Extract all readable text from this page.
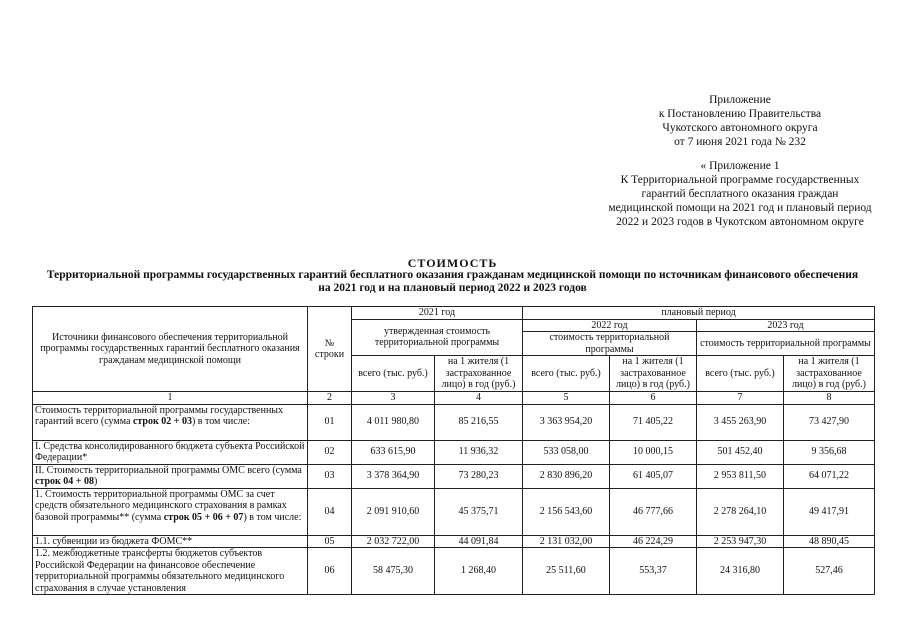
Приложение
к Постановлению Правительства
Чукотского автономного округа
от 7 июня 2021 года № 232
« Приложение 1
К Территориальной программе государственных
гарантий бесплатного оказания граждан
медицинской помощи на 2021 год и плановый период
2022 и 2023 годов в Чукотском автономном округе
СТОИМОСТЬ
Территориальной программы государственных гарантий бесплатного оказания гражданам медицинской помощи по источникам финансового обеспечения
на 2021 год и на плановый период 2022 и 2023 годов
Источники финансового обеспечения территориальной программы государственных гарантий бесплатного оказания гражданам медицинской помощи	№ строки	2021 год		плановый период			
		утвержденная стоимость территориальной программы		2022 год		2023 год	
				стоимость территориальной программы		стоимость территориальной программы	
		всего (тыс. руб.)	на 1 жителя (1 застрахованное лицо) в год (руб.)	всего (тыс. руб.)	на 1 жителя (1 застрахованное лицо) в год (руб.)	всего (тыс. руб.)	на 1 жителя (1 застрахованное лицо) в год (руб.)
1	2	3	4	5	6	7	8
Стоимость территориальной программы государственных гарантий всего (сумма строк 02 + 03) в том числе:	01	4 011 980,80	85 216,55	3 363 954,20	71 405,22	3 455 263,90	73 427,90
I. Средства консолидированного бюджета субъекта Российской Федерации*	02	633 615,90	11 936,32	533 058,00	10 000,15	501 452,40	9 356,68
II. Стоимость территориальной программы ОМС всего (сумма строк 04 + 08)	03	3 378 364,90	73 280,23	2 830 896,20	61 405,07	2 953 811,50	64 071,22
1. Стоимость территориальной программы ОМС за счет средств обязательного медицинского страхования в рамках базовой программы** (сумма строк 05 + 06 + 07) в том числе:	04	2 091 910,60	45 375,71	2 156 543,60	46 777,66	2 278 264,10	49 417,91
1.1. субвенции из бюджета ФОМС**	05	2 032 722,00	44 091,84	2 131 032,00	46 224,29	2 253 947,30	48 890,45
1.2. межбюджетные трансферты бюджетов субъектов Российской Федерации на финансовое обеспечение территориальной программы обязательного медицинского страхования в случае установления	06	58 475,30	1 268,40	25 511,60	553,37	24 316,80	527,46
